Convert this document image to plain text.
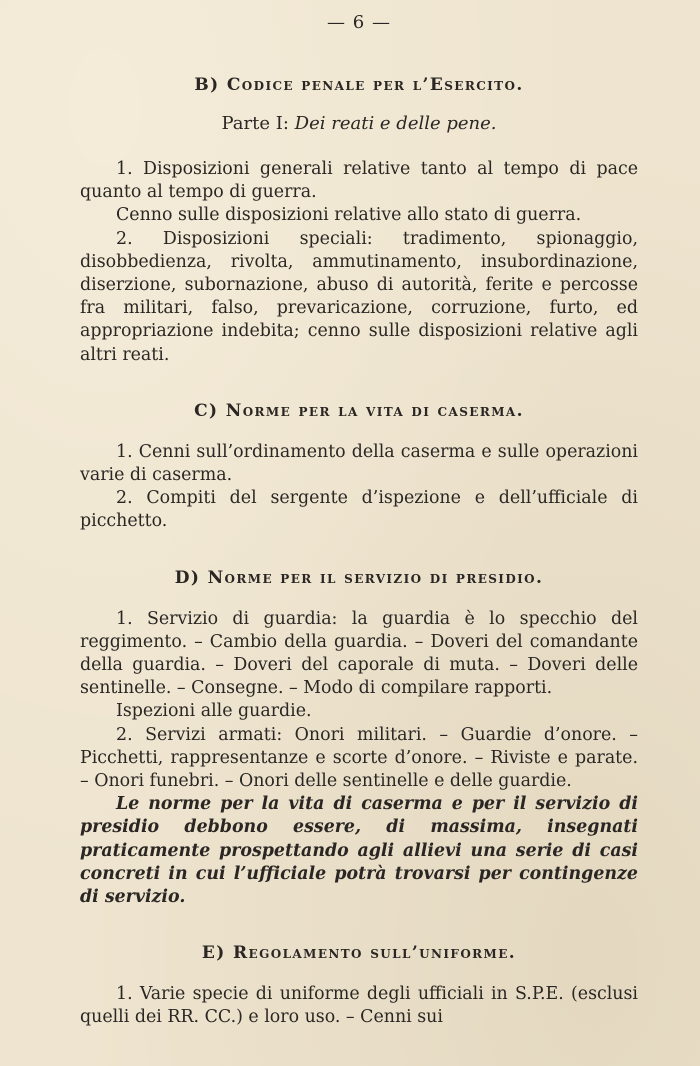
— 6 —
B) Codice penale per l’Esercito.
Parte I: Dei reati e delle pene.

1. Disposizioni generali relative tanto al tempo di pace quanto al tempo di guerra.

Cenno sulle disposizioni relative allo stato di guerra.

2. Disposizioni speciali: tradimento, spionaggio, disobbedienza, rivolta, ammutinamento, insubordinazione, diserzione, subornazione, abuso di autorità, ferite e percosse fra militari, falso, prevaricazione, corruzione, furto, ed appropriazione indebita; cenno sulle disposizioni relative agli altri reati.

C) Norme per la vita di caserma.

1. Cenni sull’ordinamento della caserma e sulle operazioni varie di caserma.

2. Compiti del sergente d’ispezione e dell’ufficiale di picchetto.

D) Norme per il servizio di presidio.

1. Servizio di guardia: la guardia è lo specchio del reggimento. – Cambio della guardia. – Doveri del comandante della guardia. – Doveri del caporale di muta. – Doveri delle sentinelle. – Consegne. – Modo di compilare rapporti.

Ispezioni alle guardie.

2. Servizi armati: Onori militari. – Guardie d’onore. – Picchetti, rappresentanze e scorte d’onore. – Riviste e parate. – Onori funebri. – Onori delle sentinelle e delle guardie.

Le norme per la vita di caserma e per il servizio di presidio debbono essere, di massima, insegnati praticamente prospettando agli allievi una serie di casi concreti in cui l’ufficiale potrà trovarsi per contingenze di servizio.

E) Regolamento sull’uniforme.

1. Varie specie di uniforme degli ufficiali in S.P.E. (esclusi quelli dei RR. CC.) e loro uso. – Cenni sui
